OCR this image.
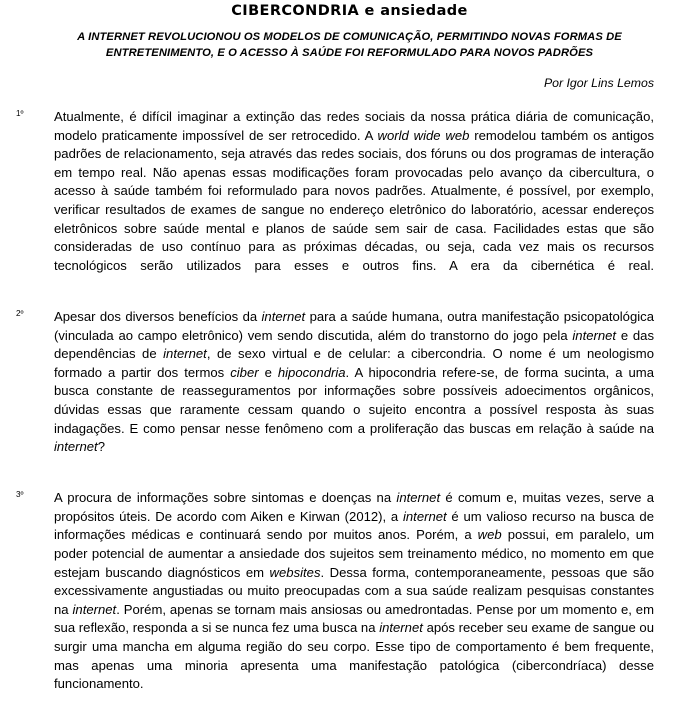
CIBERCONDRIA e ansiedade
A INTERNET REVOLUCIONOU OS MODELOS DE COMUNICAÇÃO, PERMITINDO NOVAS FORMAS DE
ENTRETENIMENTO, E O ACESSO À SAÚDE FOI REFORMULADO PARA NOVOS PADRÕES
Por Igor Lins Lemos

1º	Atualmente, é difícil imaginar a extinção das redes sociais da nossa prática diária de comunicação, modelo praticamente impossível de ser retrocedido. A world wide web remodelou também os antigos padrões de relacionamento, seja através das redes sociais, dos fóruns ou dos programas de interação em tempo real. Não apenas essas modificações foram provocadas pelo avanço da cibercultura, o acesso à saúde também foi reformulado para novos padrões. Atualmente, é possível, por exemplo, verificar resultados de exames de sangue no endereço eletrônico do laboratório, acessar endereços eletrônicos sobre saúde mental e planos de saúde sem sair de casa. Facilidades estas que são consideradas de uso contínuo para as próximas décadas, ou seja, cada vez mais os recursos tecnológicos serão utilizados para esses e outros fins. A era da cibernética é real.

2º	Apesar dos diversos benefícios da internet para a saúde humana, outra manifestação psicopatológica (vinculada ao campo eletrônico) vem sendo discutida, além do transtorno do jogo pela internet e das dependências de internet, de sexo virtual e de celular: a cibercondria. O nome é um neologismo formado a partir dos termos ciber e hipocondria. A hipocondria refere-se, de forma sucinta, a uma busca constante de reasseguramentos por informações sobre possíveis adoecimentos orgânicos, dúvidas essas que raramente cessam quando o sujeito encontra a possível resposta às suas indagações. E como pensar nesse fenômeno com a proliferação das buscas em relação à saúde na internet?

3º	A procura de informações sobre sintomas e doenças na internet é comum e, muitas vezes, serve a propósitos úteis. De acordo com Aiken e Kirwan (2012), a internet é um valioso recurso na busca de informações médicas e continuará sendo por muitos anos. Porém, a web possui, em paralelo, um poder potencial de aumentar a ansiedade dos sujeitos sem treinamento médico, no momento em que estejam buscando diagnósticos em websites. Dessa forma, contemporaneamente, pessoas que são excessivamente angustiadas ou muito preocupadas com a sua saúde realizam pesquisas constantes na internet. Porém, apenas se tornam mais ansiosas ou amedrontadas. Pense por um momento e, em sua reflexão, responda a si se nunca fez uma busca na internet após receber seu exame de sangue ou surgir uma mancha em alguma região do seu corpo. Esse tipo de comportamento é bem frequente, mas apenas uma minoria apresenta uma manifestação patológica (cibercondríaca) desse funcionamento.
